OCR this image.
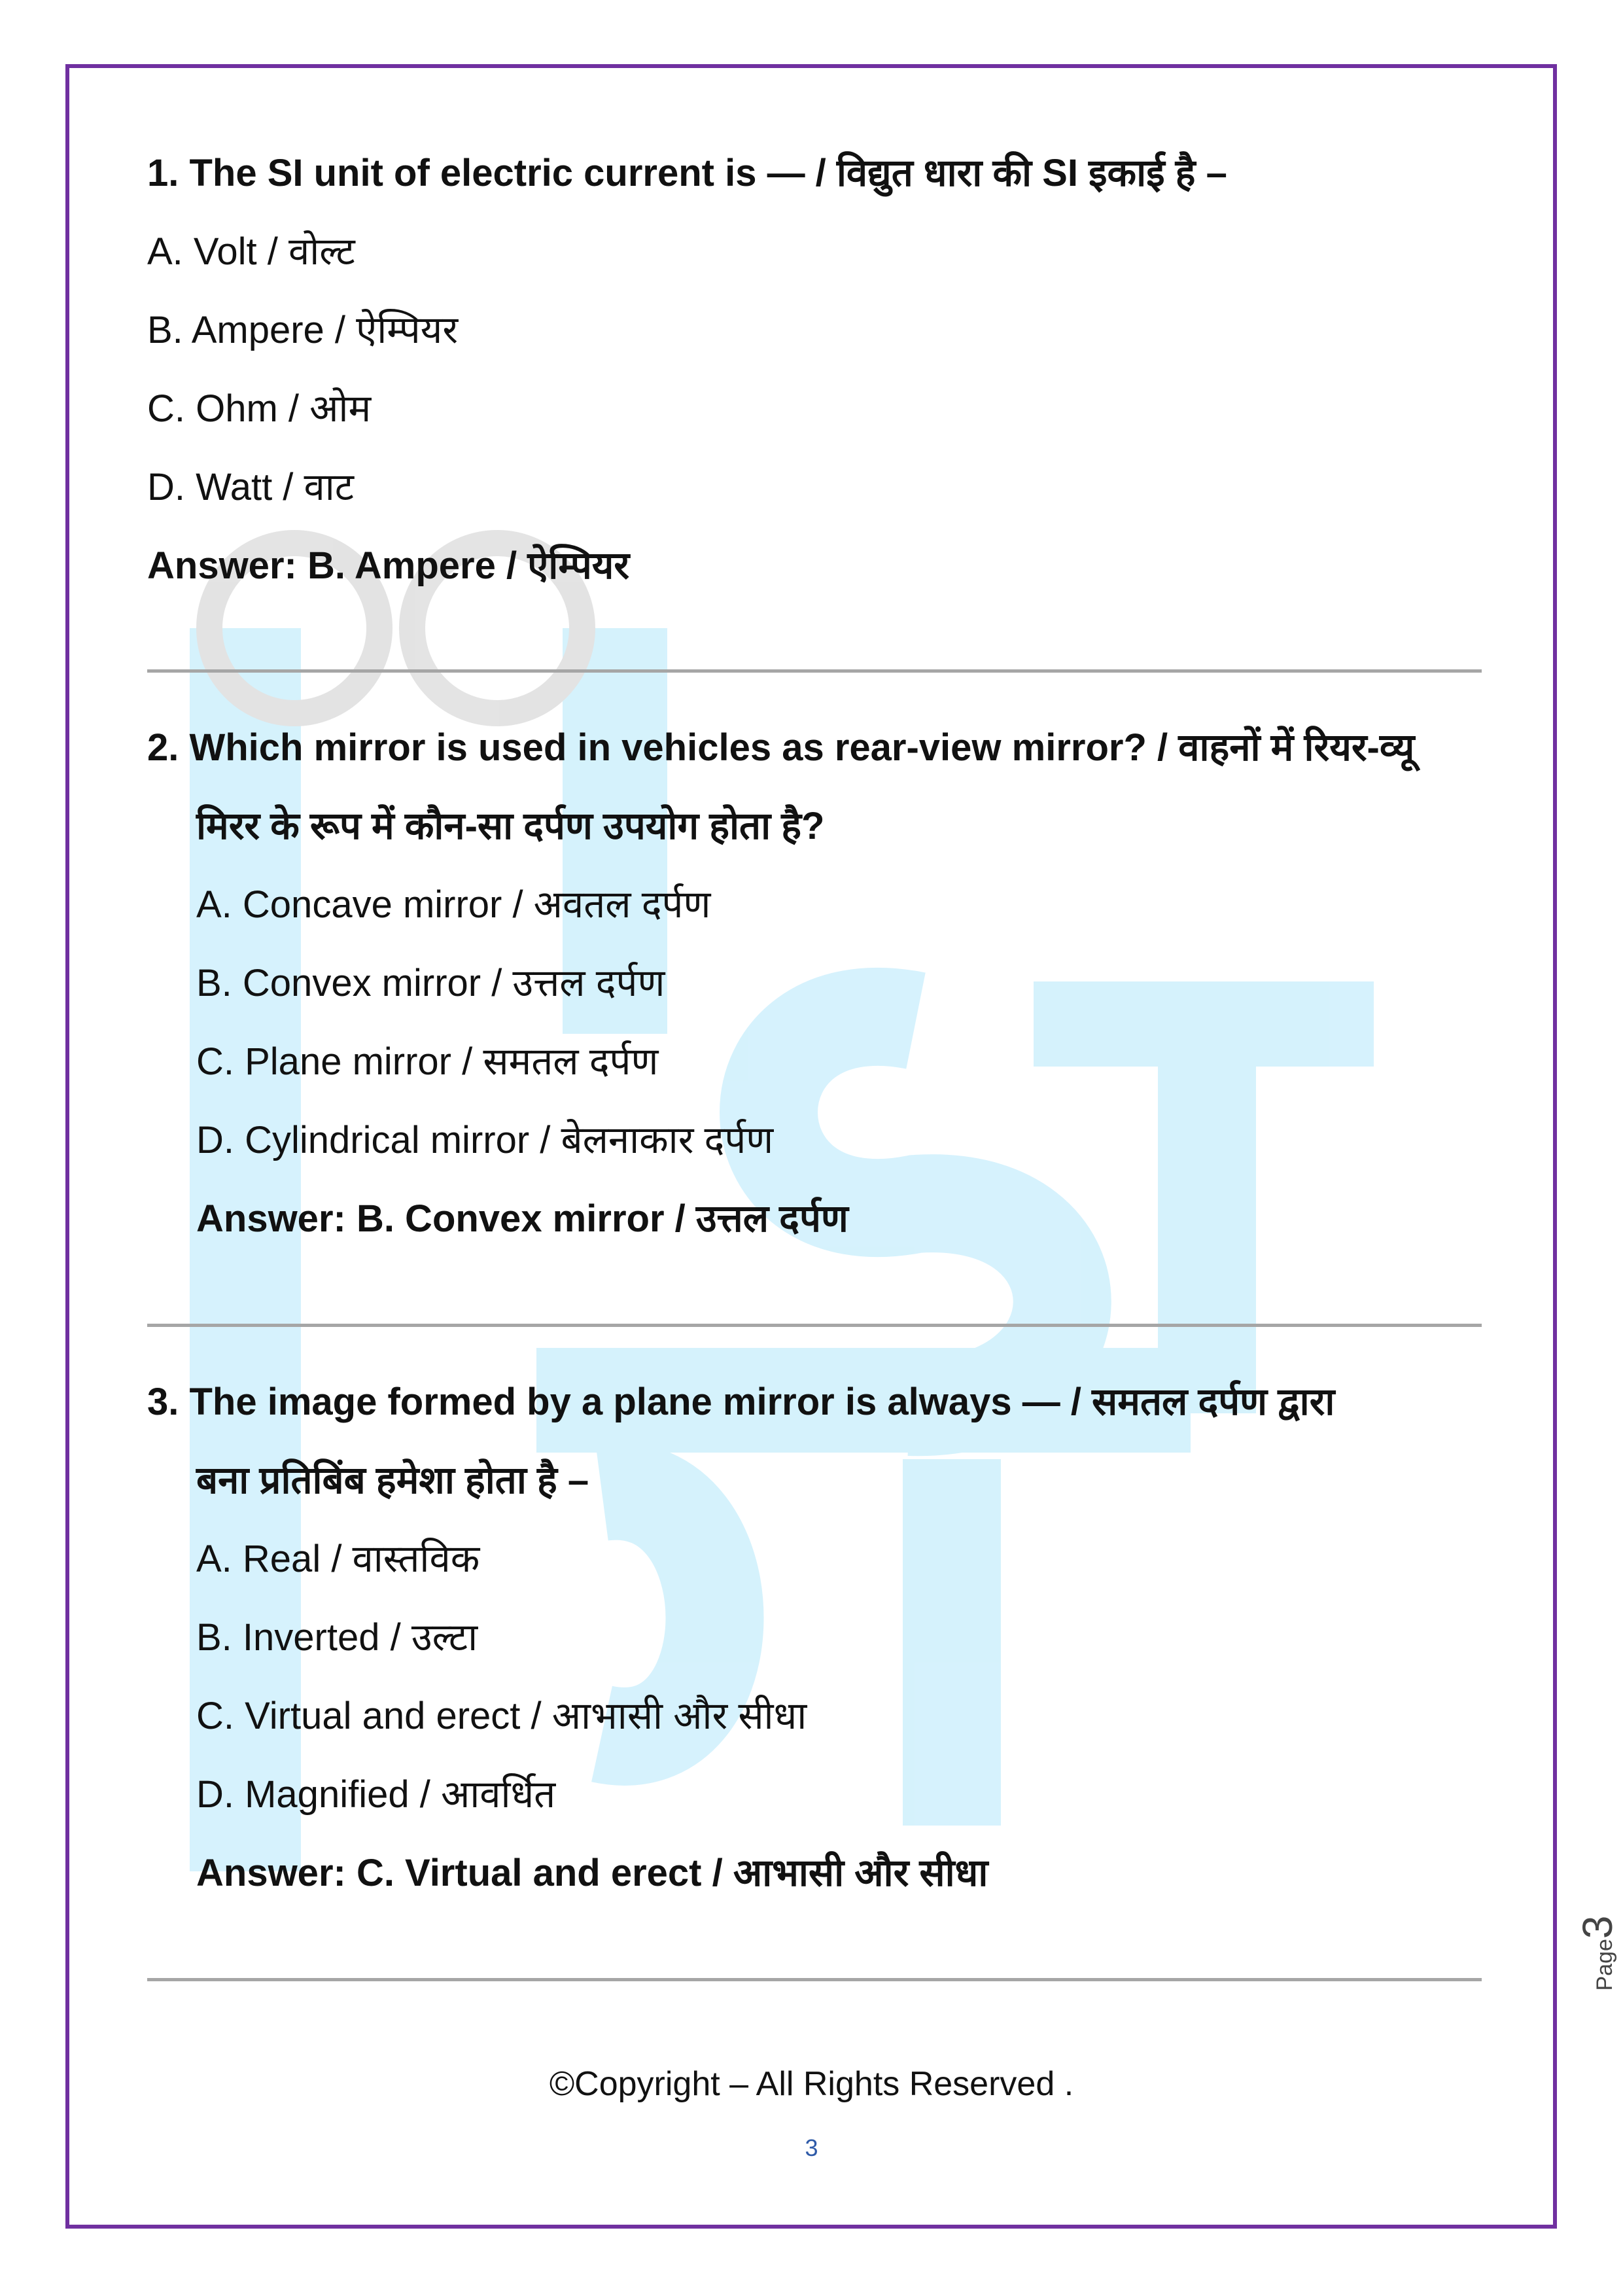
1. The SI unit of electric current is — / विद्युत धारा की SI इकाई है –
A. Volt / वोल्ट
B. Ampere / ऐम्पियर
C. Ohm / ओम
D. Watt / वाट
Answer: B. Ampere / ऐम्पियर
2. Which mirror is used in vehicles as rear-view mirror? / वाहनों में रियर-व्यू
मिरर के रूप में कौन-सा दर्पण उपयोग होता है?
A. Concave mirror / अवतल दर्पण
B. Convex mirror / उत्तल दर्पण
C. Plane mirror / समतल दर्पण
D. Cylindrical mirror / बेलनाकार दर्पण
Answer: B. Convex mirror / उत्तल दर्पण
3. The image formed by a plane mirror is always — / समतल दर्पण द्वारा
बना प्रतिबिंब हमेशा होता है –
A. Real / वास्तविक
B. Inverted / उल्टा
C. Virtual and erect / आभासी और सीधा
D. Magnified / आवर्धित
Answer: C. Virtual and erect / आभासी और सीधा
©Copyright – All Rights Reserved .
3
Page3
